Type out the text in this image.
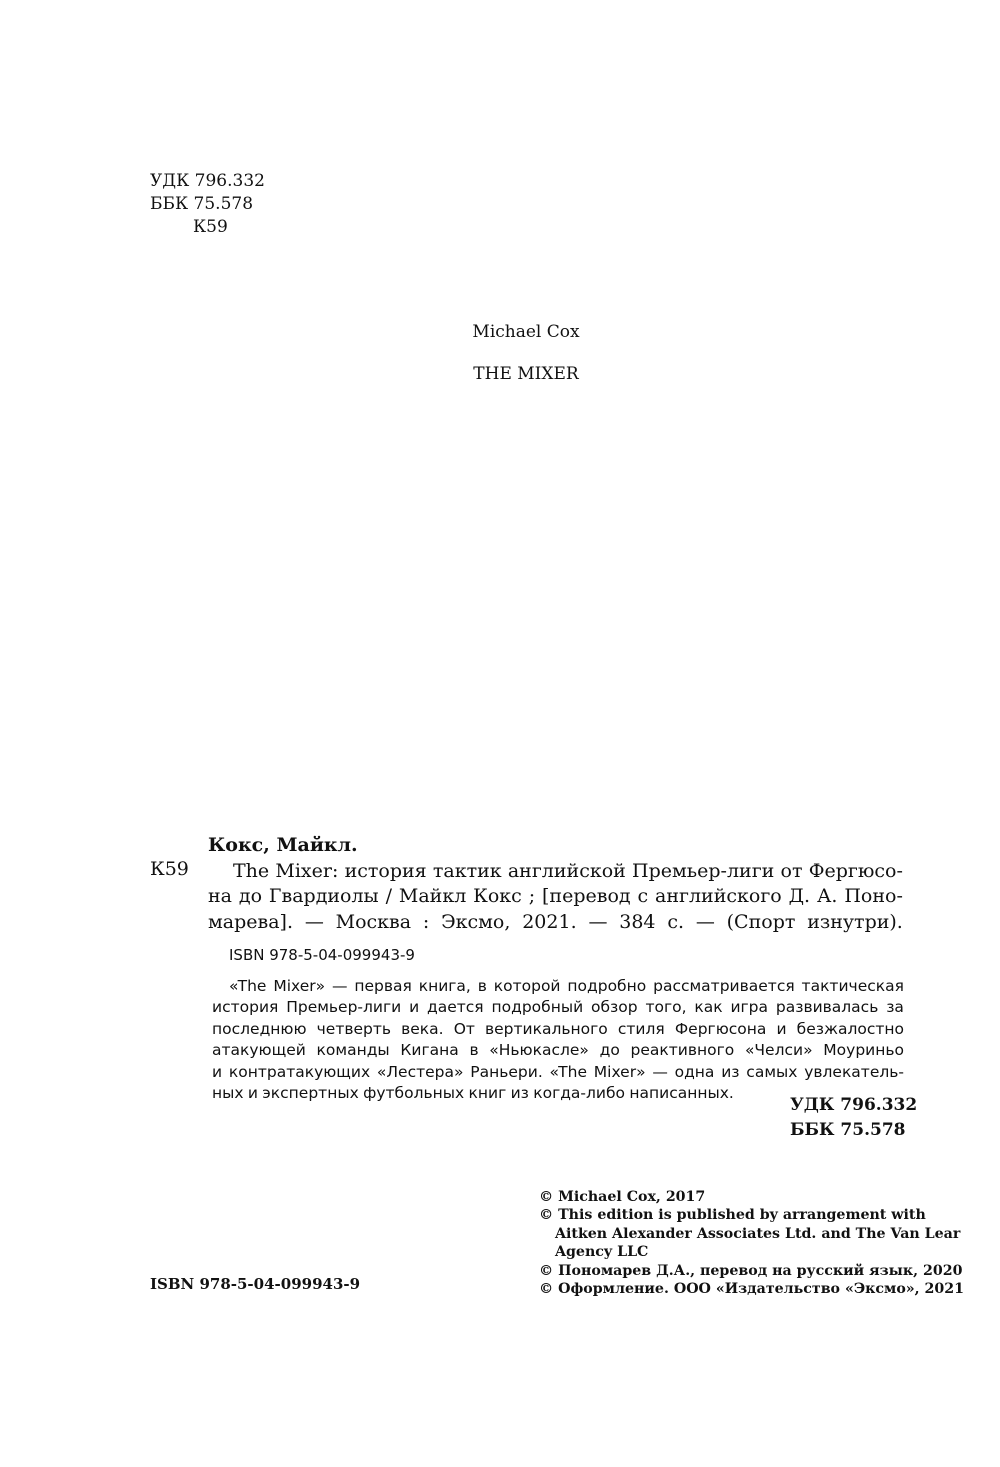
УДК 796.332
ББК 75.578
К59
Michael Cox
THE MIXER
К59
Кокс, Майкл.
The Mixer: история тактик английской Премьер-лиги от Фергюсо-
на до Гвардиолы / Майкл Кокс ; [перевод с английского Д. А. Поно-
марева]. — Москва : Эксмо, 2021. — 384 с. — (Спорт изнутри).
ISBN 978-5-04-099943-9
«The Mixer» — первая книга, в которой подробно рассматривается тактическая
история Премьер-лиги и дается подробный обзор того, как игра развивалась за
последнюю четверть века. От вертикального стиля Фергюсона и безжалостно
атакующей команды Кигана в «Ньюкасле» до реактивного «Челси» Моуриньо
и контратакующих «Лестера» Раньери. «The Mixer» — одна из самых увлекатель-
ных и экспертных футбольных книг из когда-либо написанных.
УДК 796.332
ББК 75.578
© Michael Cox, 2017
© This edition is published by arrangement with
Aitken Alexander Associates Ltd. and The Van Lear
Agency LLC
© Пономарев Д.А., перевод на русский язык, 2020
© Оформление. ООО «Издательство «Эксмо», 2021
ISBN 978-5-04-099943-9
